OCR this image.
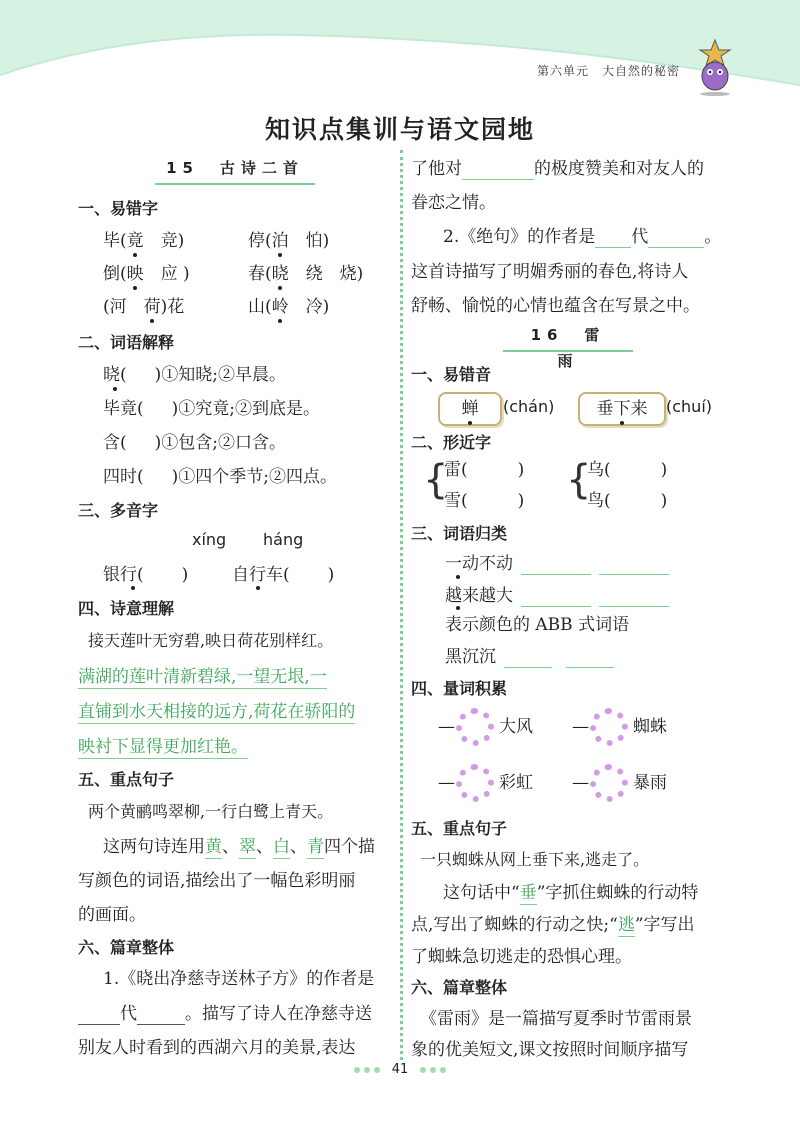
第六单元　大自然的秘密
知识点集训与语文园地
15　古诗二首
一、易错字
毕(竟　竞)	停(泊　怕)
倒(映　应 )	春(晓　绕　烧)
(河　荷)花	山(岭　冷)
二、词语解释
晓( )①知晓;②早晨。
毕竟( )①究竟;②到底是。
含( )①包含;②口含。
四时( )①四个季节;②四点。
三、多音字
xíng háng
银行( )	自行车( )
四、诗意理解
接天莲叶无穷碧,映日荷花别样红。
满湖的莲叶清新碧绿,一望无垠,一
直铺到水天相接的远方,荷花在骄阳的
映衬下显得更加红艳。
五、重点句子
两个黄鹂鸣翠柳,一行白鹭上青天。
这两句诗连用黄、翠、白、青四个描
写颜色的词语,描绘出了一幅色彩明丽
的画面。
六、篇章整体
1.《晓出净慈寺送林子方》的作者是
代	。描写了诗人在净慈寺送
别友人时看到的西湖六月的美景,表达
了他对	的极度赞美和对友人的
眷恋之情。
2.《绝句》的作者是 代	。
这首诗描写了明媚秀丽的春色,将诗人
舒畅、愉悦的心情也蕴含在写景之中。
16　雷　　雨
一、易错音
蝉	(chán)	垂下来	(chuí)
二、形近字
{
雷(	)
雪(	) {
乌(	)
鸟(	)
三、词语归类
一动不动
越来越大
表示颜色的 ABB 式词语
黑沉沉
四、量词积累
—	大风 —	蜘蛛
—	彩虹 —	暴雨
五、重点句子
一只蜘蛛从网上垂下来,逃走了。
这句话中“垂”字抓住蜘蛛的行动特
点,写出了蜘蛛的行动之快;“逃”字写出
了蜘蛛急切逃走的恐惧心理。
六、篇章整体
《雷雨》是一篇描写夏季时节雷雨景
象的优美短文,课文按照时间顺序描写
41
